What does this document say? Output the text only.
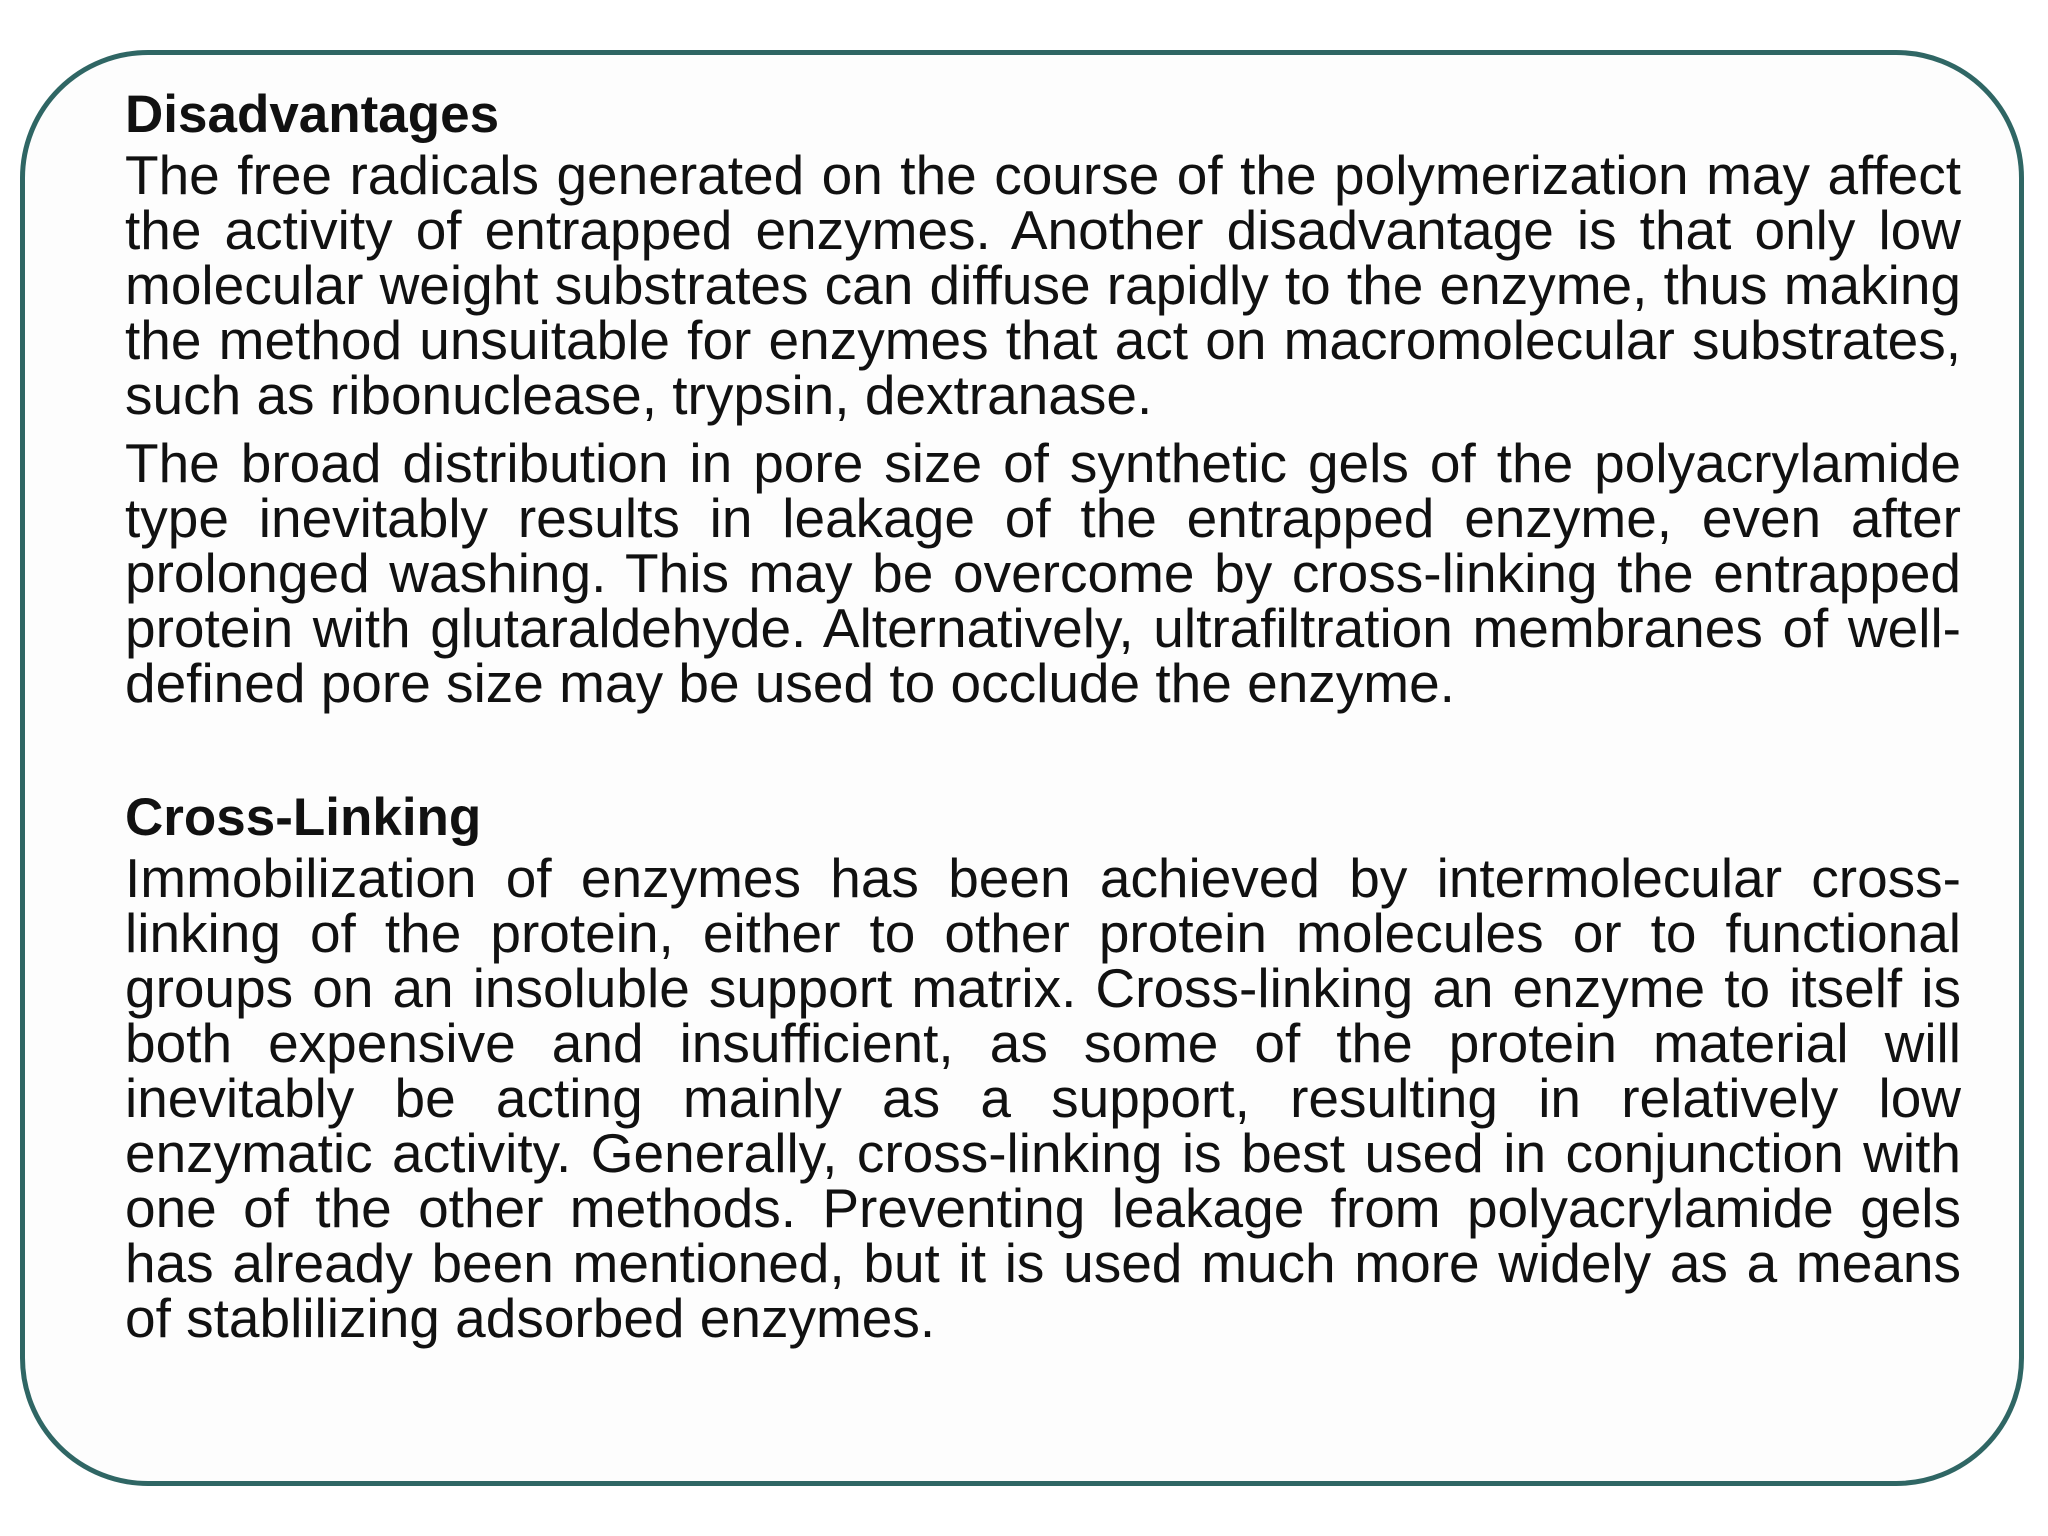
Disadvantages

The free radicals generated on the course of the polymerization may affect the activity of entrapped enzymes. Another disadvantage is that only low molecular weight substrates can diffuse rapidly to the enzyme, thus making the method unsuitable for enzymes that act on macromolecular substrates, such as ribonuclease, trypsin, dextranase.

The broad distribution in pore size of synthetic gels of the polyacrylamide type inevitably results in leakage of the entrapped enzyme, even after prolonged washing. This may be overcome by cross-linking the entrapped protein with glutaraldehyde. Alternatively, ultrafiltration membranes of well-defined pore size may be used to occlude the enzyme.

Cross-Linking

Immobilization of enzymes has been achieved by intermolecular cross-linking of the protein, either to other protein molecules or to functional groups on an insoluble support matrix. Cross-linking an enzyme to itself is both expensive and insufficient, as some of the protein material will inevitably be acting mainly as a support, resulting in relatively low enzymatic activity. Generally, cross-linking is best used in conjunction with one of the other methods. Preventing leakage from polyacrylamide gels has already been mentioned, but it is used much more widely as a means of stablilizing adsorbed enzymes.
